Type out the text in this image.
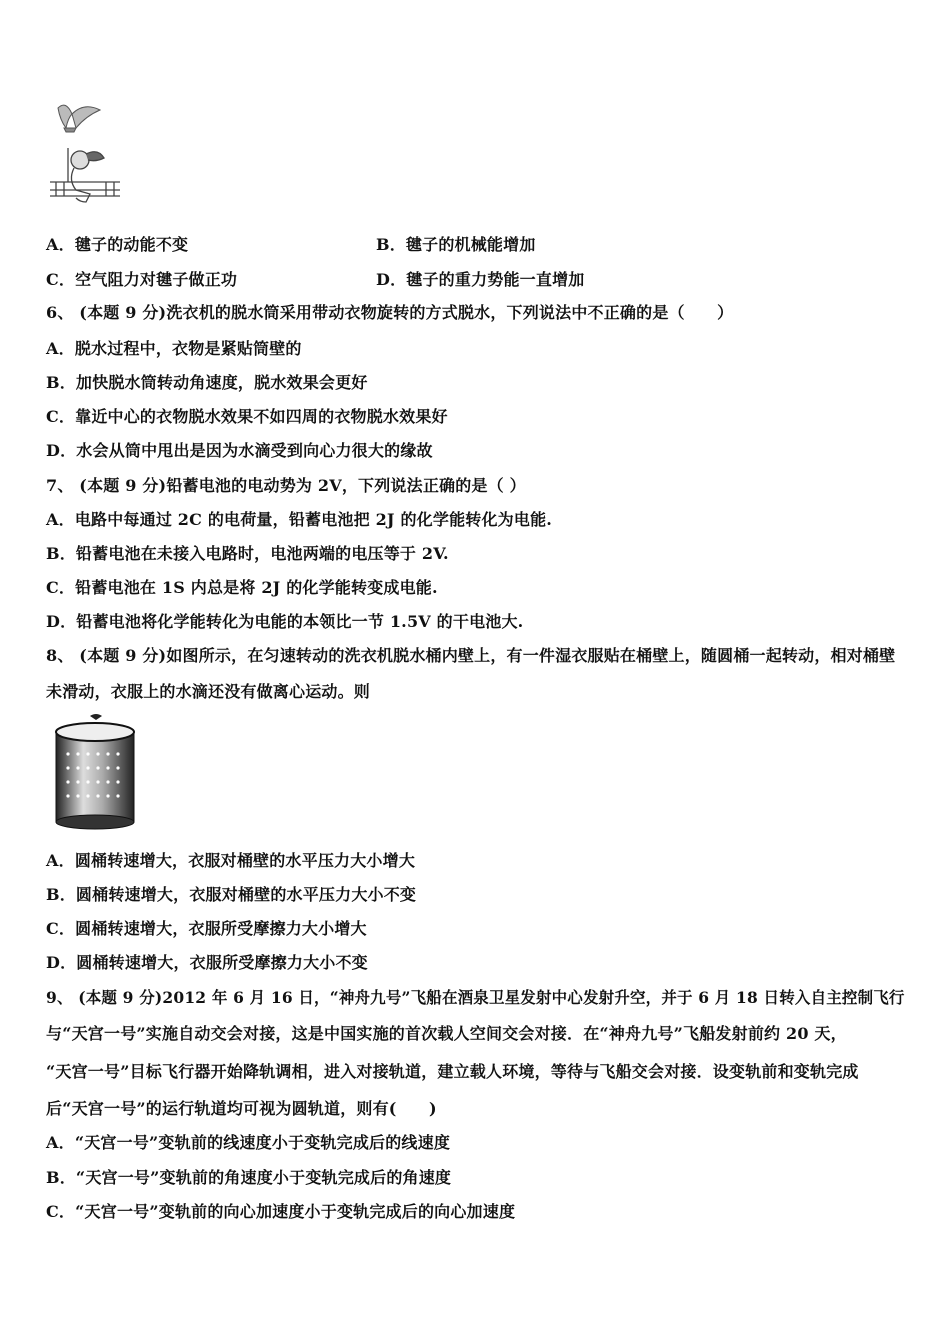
A．毽子的动能不变	B．毽子的机械能增加
C．空气阻力对毽子做正功	D．毽子的重力势能一直增加
6、 (本题 9 分)洗衣机的脱水筒采用带动衣物旋转的方式脱水，下列说法中不正确的是（　　）
A．脱水过程中，衣物是紧贴筒壁的
B．加快脱水筒转动角速度，脱水效果会更好
C．靠近中心的衣物脱水效果不如四周的衣物脱水效果好
D．水会从筒中甩出是因为水滴受到向心力很大的缘故
7、 (本题 9 分)铅蓄电池的电动势为 2V，下列说法正确的是（ ）
A．电路中每通过 2C 的电荷量，铅蓄电池把 2J 的化学能转化为电能.
B．铅蓄电池在未接入电路时，电池两端的电压等于 2V.
C．铅蓄电池在 1S 内总是将 2J 的化学能转变成电能.
D．铅蓄电池将化学能转化为电能的本领比一节 1.5V 的干电池大.
8、 (本题 9 分)如图所示，在匀速转动的洗衣机脱水桶内壁上，有一件湿衣服贴在桶壁上，随圆桶一起转动，相对桶壁
未滑动，衣服上的水滴还没有做离心运动。则
A．圆桶转速增大，衣服对桶壁的水平压力大小增大
B．圆桶转速增大，衣服对桶壁的水平压力大小不变
C．圆桶转速增大，衣服所受摩擦力大小增大
D．圆桶转速增大，衣服所受摩擦力大小不变
9、 (本题 9 分)2012 年 6 月 16 日，“神舟九号”飞船在酒泉卫星发射中心发射升空，并于 6 月 18 日转入自主控制飞行
与“天宫一号”实施自动交会对接，这是中国实施的首次载人空间交会对接．在“神舟九号”飞船发射前约 20 天，
“天宫一号”目标飞行器开始降轨调相，进入对接轨道，建立载人环境，等待与飞船交会对接．设变轨前和变轨完成
后“天宫一号”的运行轨道均可视为圆轨道，则有(　　)
A．“天宫一号”变轨前的线速度小于变轨完成后的线速度
B．“天宫一号”变轨前的角速度小于变轨完成后的角速度
C．“天宫一号”变轨前的向心加速度小于变轨完成后的向心加速度
